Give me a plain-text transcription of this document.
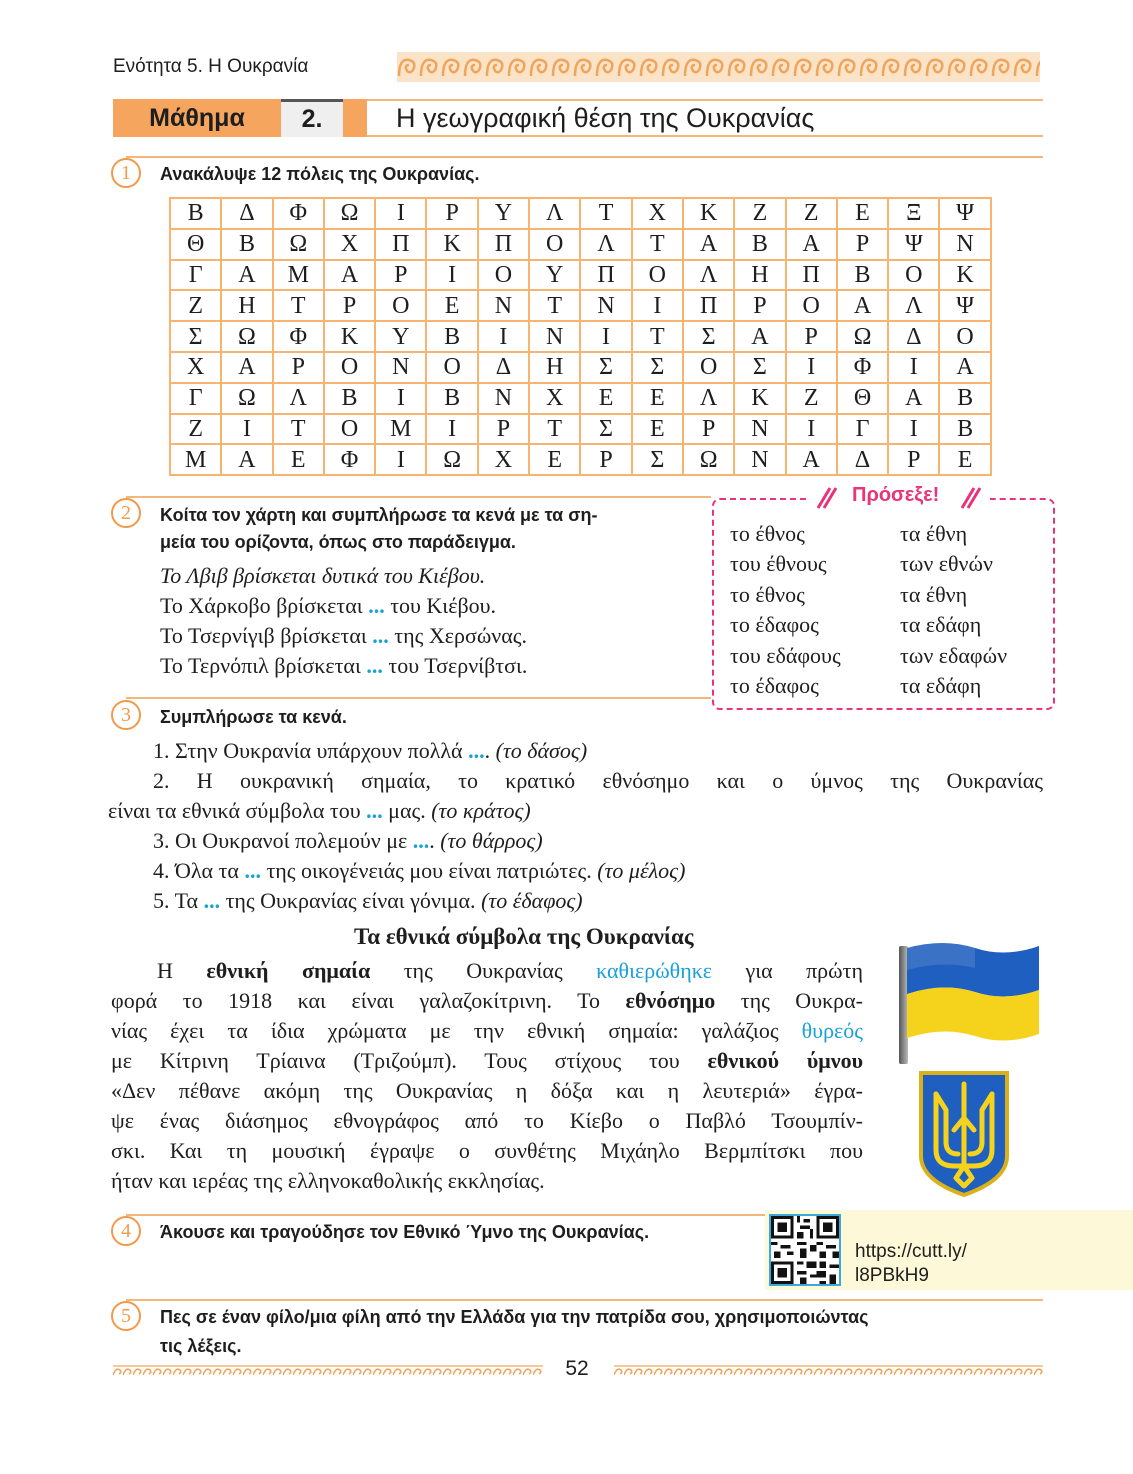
Ενότητα 5. Η Ουκρανία
Μάθημα	2.	Η γεωγραφική θέση της Ουκρανίας
1	Ανακάλυψε 12 πόλεις της Ουκρανίας.
Β	Δ	Φ	Ω	Ι	Ρ	Υ	Λ	Τ	Χ	Κ	Ζ	Ζ	Ε	Ξ	Ψ
Θ	Β	Ω	Χ	Π	Κ	Π	Ο	Λ	Τ	Α	Β	Α	Ρ	Ψ	Ν
Γ	Α	Μ	Α	Ρ	Ι	Ο	Υ	Π	Ο	Λ	Η	Π	Β	Ο	Κ
Ζ	Η	Τ	Ρ	Ο	Ε	Ν	Τ	Ν	Ι	Π	Ρ	Ο	Α	Λ	Ψ
Σ	Ω	Φ	Κ	Υ	Β	Ι	Ν	Ι	Τ	Σ	Α	Ρ	Ω	Δ	Ο
Χ	Α	Ρ	Ο	Ν	Ο	Δ	Η	Σ	Σ	Ο	Σ	Ι	Φ	Ι	Α
Γ	Ω	Λ	Β	Ι	Β	Ν	Χ	Ε	Ε	Λ	Κ	Ζ	Θ	Α	Β
Ζ	Ι	Τ	Ο	Μ	Ι	Ρ	Τ	Σ	Ε	Ρ	Ν	Ι	Γ	Ι	Β
Μ	Α	Ε	Φ	Ι	Ω	Χ	Ε	Ρ	Σ	Ω	Ν	Α	Δ	Ρ	Ε
2	Κοίτα τον χάρτη και συμπλήρωσε τα κενά με τα ση-
μεία του ορίζοντα, όπως στο παράδειγμα.
Το Λβιβ βρίσκεται δυτικά του Κιέβου.
Το Χάρκοβο βρίσκεται ... του Κιέβου.
Το Τσερνίγιβ βρίσκεται ... της Χερσώνας.
Το Τερνόπιλ βρίσκεται ... του Τσερνίβτσι.
Πρόσεξε!
το έθνος	τα έθνη
του έθνους	των εθνών
το έθνος	τα έθνη
το έδαφος	τα εδάφη
του εδάφους	των εδαφών
το έδαφος	τα εδάφη
3	Συμπλήρωσε τα κενά.
1. Στην Ουκρανία υπάρχουν πολλά .... (το δάσος)
2. Η ουκρανική σημαία, το κρατικό εθνόσημο και ο ύμνος της Ουκρανίας
είναι τα εθνικά σύμβολα του ... μας. (το κράτος)
3. Οι Ουκρανοί πολεμούν με .... (το θάρρος)
4. Όλα τα ... της οικογένειάς μου είναι πατριώτες. (το μέλος)
5. Τα ... της Ουκρανίας είναι γόνιμα. (το έδαφος)
Τα εθνικά σύμβολα της Ουκρανίας
Η εθνική σημαία της Ουκρανίας καθιερώθηκε για πρώτη
φορά το 1918 και είναι γαλαζοκίτρινη. Το εθνόσημο της Ουκρα-
νίας έχει τα ίδια χρώματα με την εθνική σημαία: γαλάζιος θυρεός
με Κίτρινη Τρίαινα (Τριζούμπ). Τους στίχους του εθνικού ύμνου
«Δεν πέθανε ακόμη της Ουκρανίας η δόξα και η λευτεριά» έγρα-
ψε ένας διάσημος εθνογράφος από το Κίεβο ο Παβλό Τσουμπίν-
σκι. Και τη μουσική έγραψε ο συνθέτης Μιχάηλο Βερμπίτσκι που
ήταν και ιερέας της ελληνοκαθολικής εκκλησίας.
4	Άκουσε και τραγούδησε τον Εθνικό Ύμνο της Ουκρανίας.
https://cutt.ly/
l8PBkH9
5	Πες σε έναν φίλο/μια φίλη από την Ελλάδα για την πατρίδα σου, χρησιμοποιώντας
τις λέξεις.
52
